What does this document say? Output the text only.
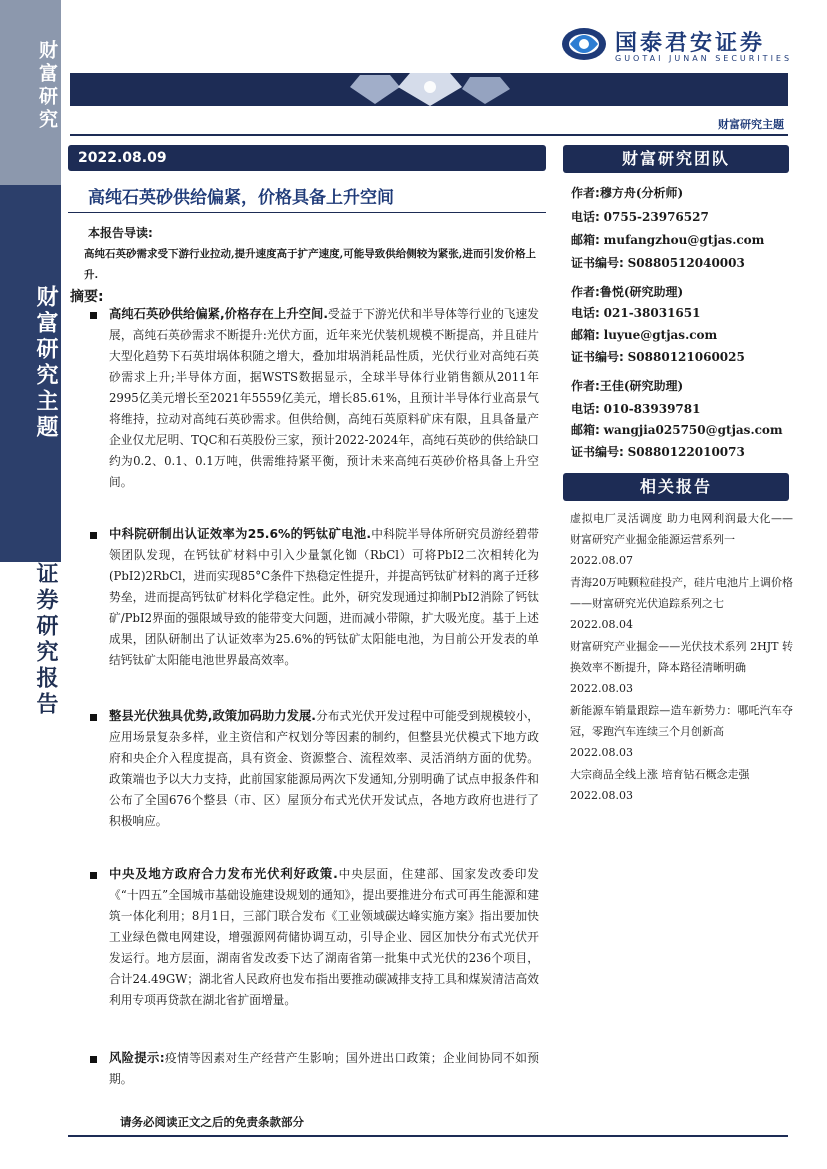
财富研究
财富研究主题
证券研究报告
国泰君安证券
GUOTAI JUNAN SECURITIES
财富研究主题
2022.08.09
高纯石英砂供给偏紧，价格具备上升空间
本报告导读:
高纯石英砂需求受下游行业拉动,提升速度高于扩产速度,可能导致供给侧较为紧张,进而引发价格上升.
摘要:
高纯石英砂供给偏紧,价格存在上升空间.受益于下游光伏和半导体等行业的飞速发展，高纯石英砂需求不断提升:光伏方面，近年来光伏装机规模不断提高，并且硅片大型化趋势下石英坩埚体积随之增大，叠加坩埚消耗品性质，光伏行业对高纯石英砂需求上升;半导体方面，据WSTS数据显示，全球半导体行业销售额从2011年2995亿美元增长至2021年5559亿美元，增长85.61%，且预计半导体行业高景气将维持，拉动对高纯石英砂需求。但供给侧，高纯石英原料矿床有限，且具备量产企业仅尤尼明、TQC和石英股份三家，预计2022-2024年，高纯石英砂的供给缺口约为0.2、0.1、0.1万吨，供需维持紧平衡，预计未来高纯石英砂价格具备上升空间。
中科院研制出认证效率为25.6%的钙钛矿电池.中科院半导体所研究员游经碧带领团队发现，在钙钛矿材料中引入少量氯化铷（RbCl）可将PbI2二次相转化为(PbI2)2RbCl，进而实现85°C条件下热稳定性提升，并提高钙钛矿材料的离子迁移势垒，进而提高钙钛矿材料化学稳定性。此外，研究发现通过抑制PbI2消除了钙钛矿/PbI2界面的强限域导致的能带变大问题，进而减小带隙，扩大吸光度。基于上述成果，团队研制出了认证效率为25.6%的钙钛矿太阳能电池，为目前公开发表的单结钙钛矿太阳能电池世界最高效率。
整县光伏独具优势,政策加码助力发展.分布式光伏开发过程中可能受到规模较小，应用场景复杂多样，业主资信和产权划分等因素的制约，但整县光伏模式下地方政府和央企介入程度提高，具有资金、资源整合、流程效率、灵活消纳方面的优势。政策端也予以大力支持，此前国家能源局两次下发通知,分别明确了试点申报条件和公布了全国676个整县（市、区）屋顶分布式光伏开发试点，各地方政府也进行了积极响应。
中央及地方政府合力发布光伏利好政策.中央层面，住建部、国家发改委印发《“十四五”全国城市基础设施建设规划的通知》，提出要推进分布式可再生能源和建筑一体化利用；8月1日，三部门联合发布《工业领域碳达峰实施方案》指出要加快工业绿色微电网建设，增强源网荷储协调互动，引导企业、园区加快分布式光伏开发运行。地方层面，湖南省发改委下达了湖南省第一批集中式光伏的236个项目，合计24.49GW；湖北省人民政府也发布指出要推动碳减排支持工具和煤炭清洁高效利用专项再贷款在湖北省扩面增量。
风险提示:疫情等因素对生产经营产生影响；国外进出口政策；企业间协同不如预期。
请务必阅读正文之后的免责条款部分
财富研究团队
作者:穆方舟(分析师)
电话: 0755-23976527
邮箱: mufangzhou@gtjas.com
证书编号: S0880512040003
作者:鲁悦(研究助理)
电话: 021-38031651
邮箱: luyue@gtjas.com
证书编号: S0880121060025
作者:王佳(研究助理)
电话: 010-83939781
邮箱: wangjia025750@gtjas.com
证书编号: S0880122010073
相关报告
虚拟电厂灵活调度 助力电网利润最大化——财富研究产业掘金能源运营系列一
2022.08.07
青海20万吨颗粒硅投产，硅片电池片上调价格——财富研究光伏追踪系列之七
2022.08.04
财富研究产业掘金——光伏技术系列 2HJT 转换效率不断提升，降本路径清晰明确
2022.08.03
新能源车销量跟踪—造车新势力：哪吒汽车夺冠，零跑汽车连续三个月创新高
2022.08.03
大宗商品全线上涨 培育钻石概念走强
2022.08.03
